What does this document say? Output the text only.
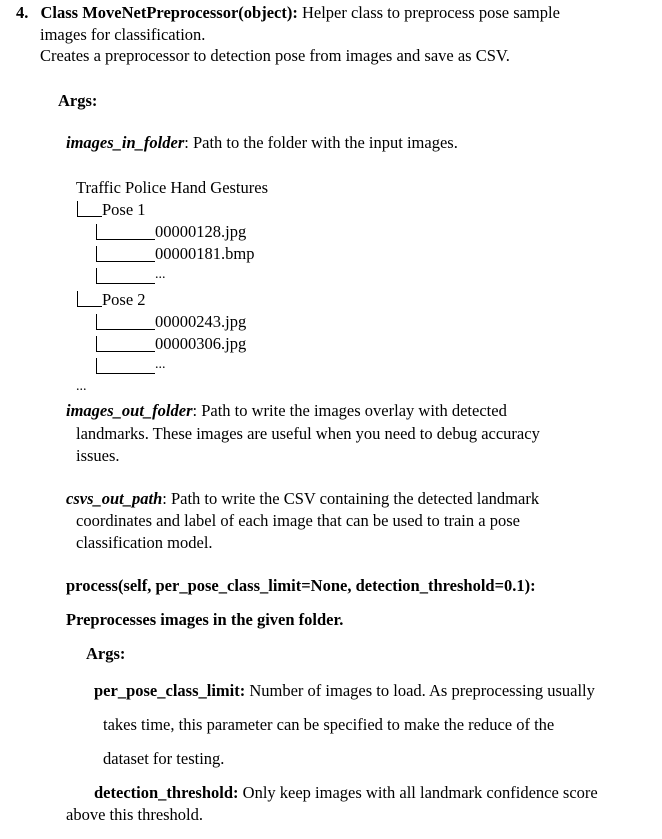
4. Class MoveNetPreprocessor(object): Helper class to preprocess pose sample
images for classification.
Creates a preprocessor to detection pose from images and save as CSV.
Args:
images_in_folder: Path to the folder with the input images.
Traffic Police Hand Gestures
Pose 1
00000128.jpg
00000181.bmp
...
Pose 2
00000243.jpg
00000306.jpg
...
...
images_out_folder: Path to write the images overlay with detected
landmarks. These images are useful when you need to debug accuracy
issues.
csvs_out_path: Path to write the CSV containing the detected landmark
coordinates and label of each image that can be used to train a pose
classification model.
process(self, per_pose_class_limit=None, detection_threshold=0.1):
Preprocesses images in the given folder.
Args:
per_pose_class_limit: Number of images to load. As preprocessing usually
takes time, this parameter can be specified to make the reduce of the
dataset for testing.
detection_threshold: Only keep images with all landmark confidence score
above this threshold.
